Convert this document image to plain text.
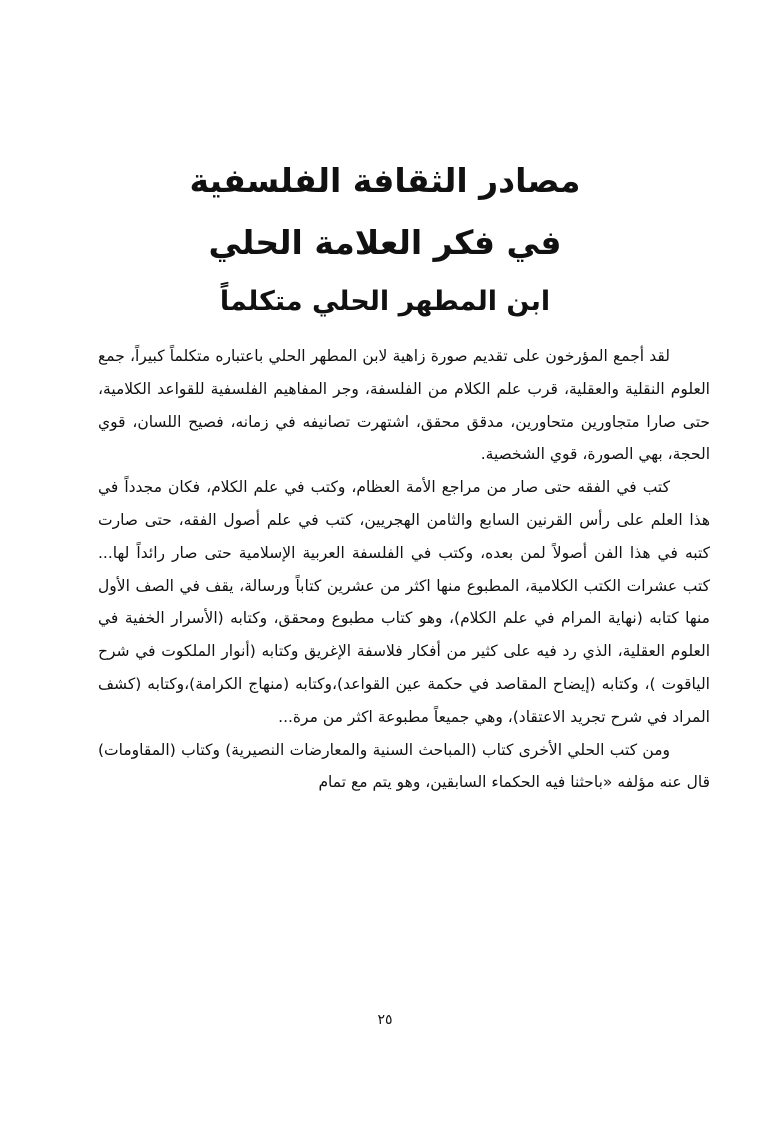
مصادر الثقافة الفلسفية
في فكر العلامة الحلي
ابن المطهر الحلي متكلماً

لقد أجمع المؤرخون على تقديم صورة زاهية لابن المطهر الحلي باعتباره متكلماً كبيراً، جمع العلوم النقلية والعقلية، قرب علم الكلام من الفلسفة، وجر المفاهيم الفلسفية للقواعد الكلامية، حتى صارا متجاورين متحاورين، مدقق محقق، اشتهرت تصانيفه في زمانه، فصيح اللسان، قوي الحجة، بهي الصورة، قوي الشخصية.

كتب في الفقه حتى صار من مراجع الأمة العظام، وكتب في علم الكلام، فكان مجدداً في هذا العلم على رأس القرنين السابع والثامن الهجريين، كتب في علم أصول الفقه، حتى صارت كتبه في هذا الفن أصولاً لمن بعده، وكتب في الفلسفة العربية الإسلامية حتى صار رائداً لها... كتب عشرات الكتب الكلامية، المطبوع منها اكثر من عشرين كتاباً ورسالة، يقف في الصف الأول منها كتابه (نهاية المرام في علم الكلام)، وهو كتاب مطبوع ومحقق، وكتابه (الأسرار الخفية في العلوم العقلية، الذي رد فيه على كثير من أفكار فلاسفة الإغريق وكتابه (أنوار الملكوت في شرح الياقوت )، وكتابه (إيضاح المقاصد في حكمة عين القواعد)،وكتابه (منهاج الكرامة)،وكتابه (كشف المراد في شرح تجريد الاعتقاد)، وهي جميعاً مطبوعة اكثر من مرة...

ومن كتب الحلي الأخرى كتاب (المباحث السنية والمعارضات النصيرية) وكتاب (المقاومات) قال عنه مؤلفه «باحثنا فيه الحكماء السابقين، وهو يتم مع تمام

٢٥
